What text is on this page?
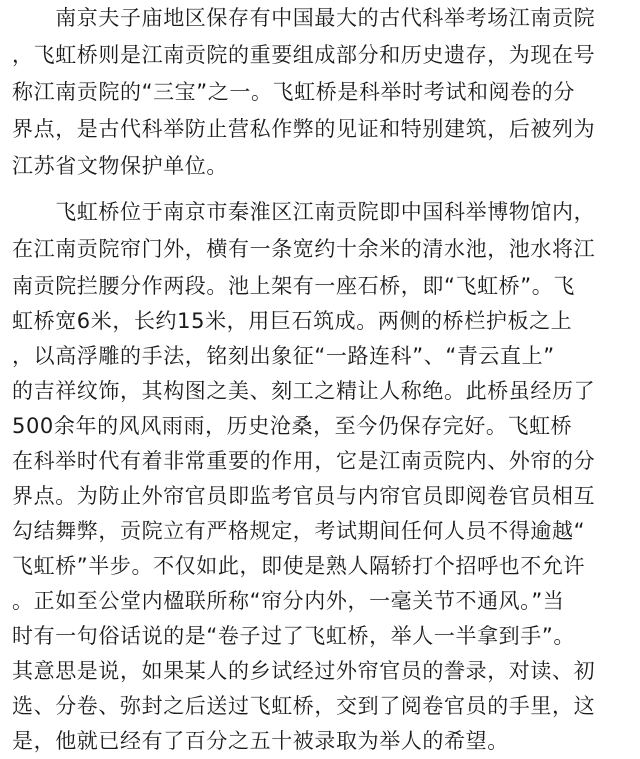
　　南京夫子庙地区保存有中国最大的古代科举考场江南贡院
，飞虹桥则是江南贡院的重要组成部分和历史遗存，为现在号
称江南贡院的“三宝”之一。飞虹桥是科举时考试和阅卷的分
界点，是古代科举防止营私作弊的见证和特别建筑，后被列为
江苏省文物保护单位。
　　飞虹桥位于南京市秦淮区江南贡院即中国科举博物馆内，
在江南贡院帘门外，横有一条宽约十余米的清水池，池水将江
南贡院拦腰分作两段。池上架有一座石桥，即“飞虹桥”。飞
虹桥宽6米，长约15米，用巨石筑成。两侧的桥栏护板之上
，以高浮雕的手法，铭刻出象征“一路连科”、“青云直上”
的吉祥纹饰，其构图之美、刻工之精让人称绝。此桥虽经历了
500余年的风风雨雨，历史沧桑，至今仍保存完好。飞虹桥
在科举时代有着非常重要的作用，它是江南贡院内、外帘的分
界点。为防止外帘官员即监考官员与内帘官员即阅卷官员相互
勾结舞弊，贡院立有严格规定，考试期间任何人员不得逾越“
飞虹桥”半步。不仅如此，即使是熟人隔轿打个招呼也不允许
。正如至公堂内楹联所称“帘分内外，一毫关节不通风。”当
时有一句俗话说的是“卷子过了飞虹桥，举人一半拿到手”。
其意思是说，如果某人的乡试经过外帘官员的誊录，对读、初
选、分卷、弥封之后送过飞虹桥，交到了阅卷官员的手里，这
是，他就已经有了百分之五十被录取为举人的希望。
